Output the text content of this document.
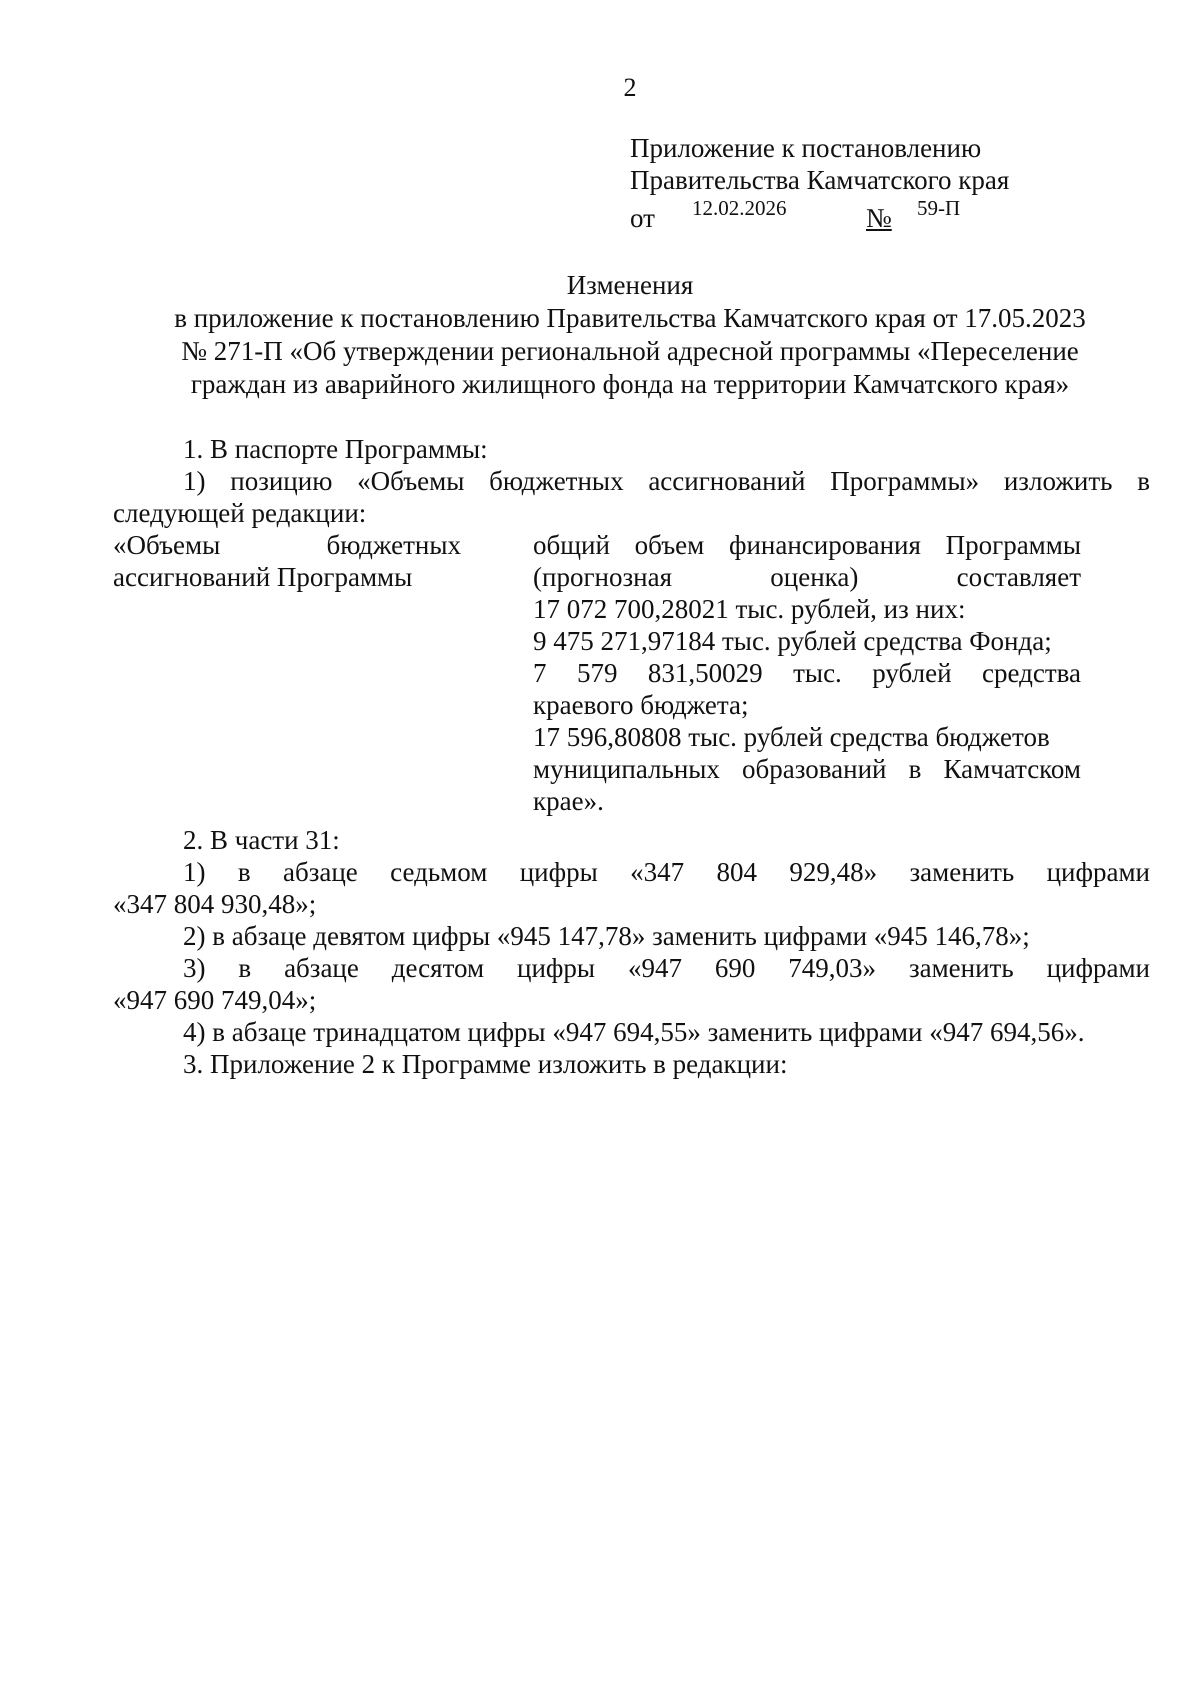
2
Приложение к постановлению
Правительства Камчатского края
от 12.02.2026	№ 59-П
Изменения
в приложение к постановлению Правительства Камчатского края от 17.05.2023
№ 271-П «Об утверждении региональной адресной программы «Переселение
граждан из аварийного жилищного фонда на территории Камчатского края»

1. В паспорте Программы:

1) позицию «Объемы бюджетных ассигнований Программы» изложить в

следующей редакции:

«Объемы бюджетных
ассигнований Программы
общий объем финансирования Программы
(прогнозная оценка) составляет
17 072 700,28021 тыс. рублей, из них:
9 475 271,97184 тыс. рублей средства Фонда;
7 579 831,50029 тыс. рублей средства
краевого бюджета;
17 596,80808 тыс. рублей средства бюджетов
муниципальных образований в Камчатском
крае».

2. В части 31:

1) в абзаце седьмом цифры «347 804 929,48» заменить цифрами

«347 804 930,48»;

2) в абзаце девятом цифры «945 147,78» заменить цифрами «945 146,78»;

3) в абзаце десятом цифры «947 690 749,03» заменить цифрами

«947 690 749,04»;

4) в абзаце тринадцатом цифры «947 694,55» заменить цифрами «947 694,56».

3. Приложение 2 к Программе изложить в редакции:
